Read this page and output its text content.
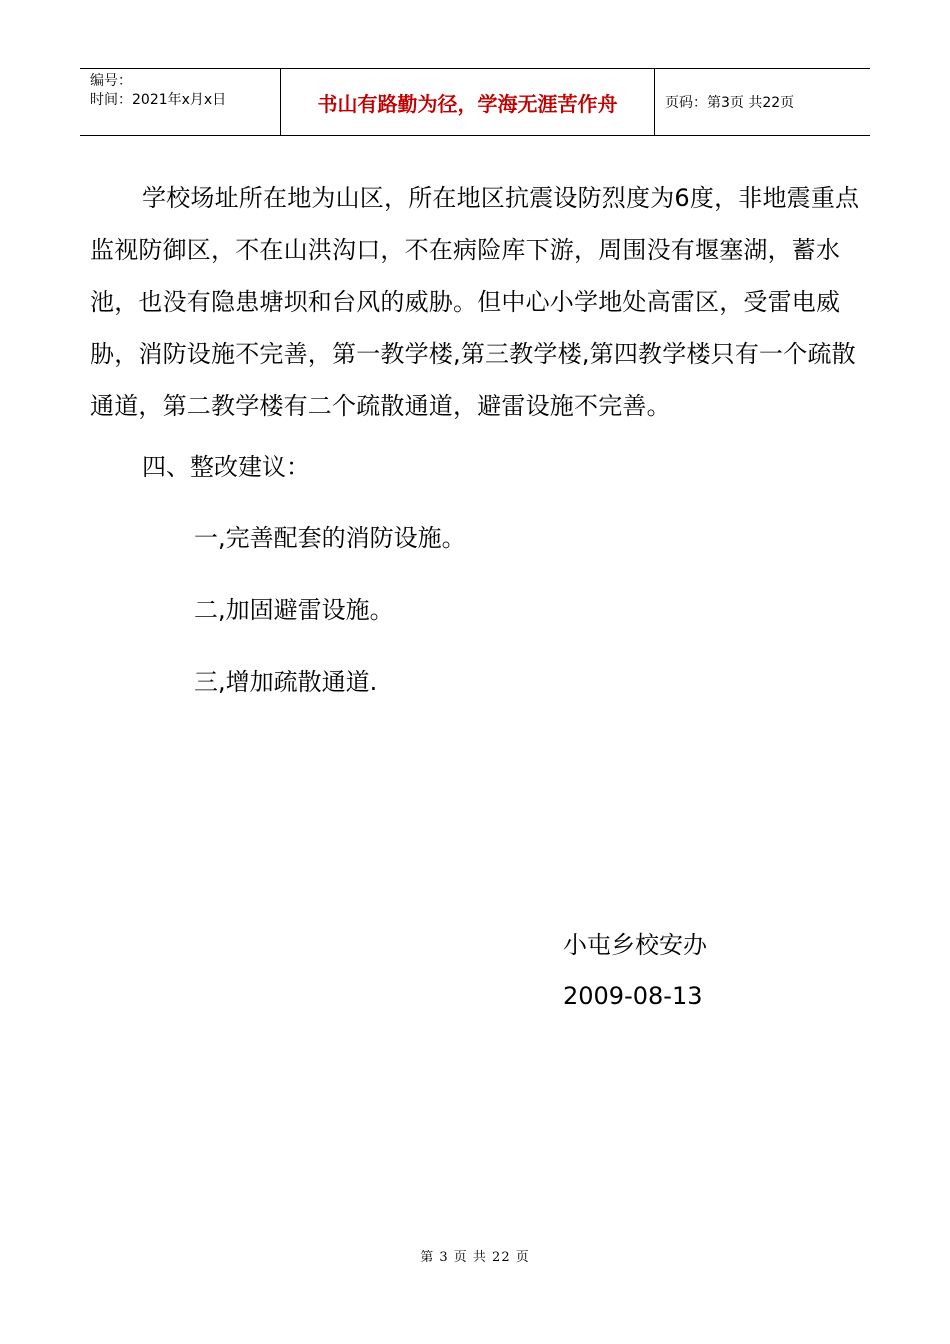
编号：
时间：2021年x月x日	书山有路勤为径，学海无涯苦作舟	页码：第3页 共22页
学校场址所在地为山区，所在地区抗震设防烈度为6度，非地震重点监视防御区，不在山洪沟口，不在病险库下游，周围没有堰塞湖，蓄水池，也没有隐患塘坝和台风的威胁。但中心小学地处高雷区，受雷电威胁，消防设施不完善，第一教学楼,第三教学楼,第四教学楼只有一个疏散通道，第二教学楼有二个疏散通道，避雷设施不完善。
四、整改建议：
一,完善配套的消防设施。
二,加固避雷设施。
三,增加疏散通道.
小屯乡校安办
2009-08-13
第 3 页 共 22 页
